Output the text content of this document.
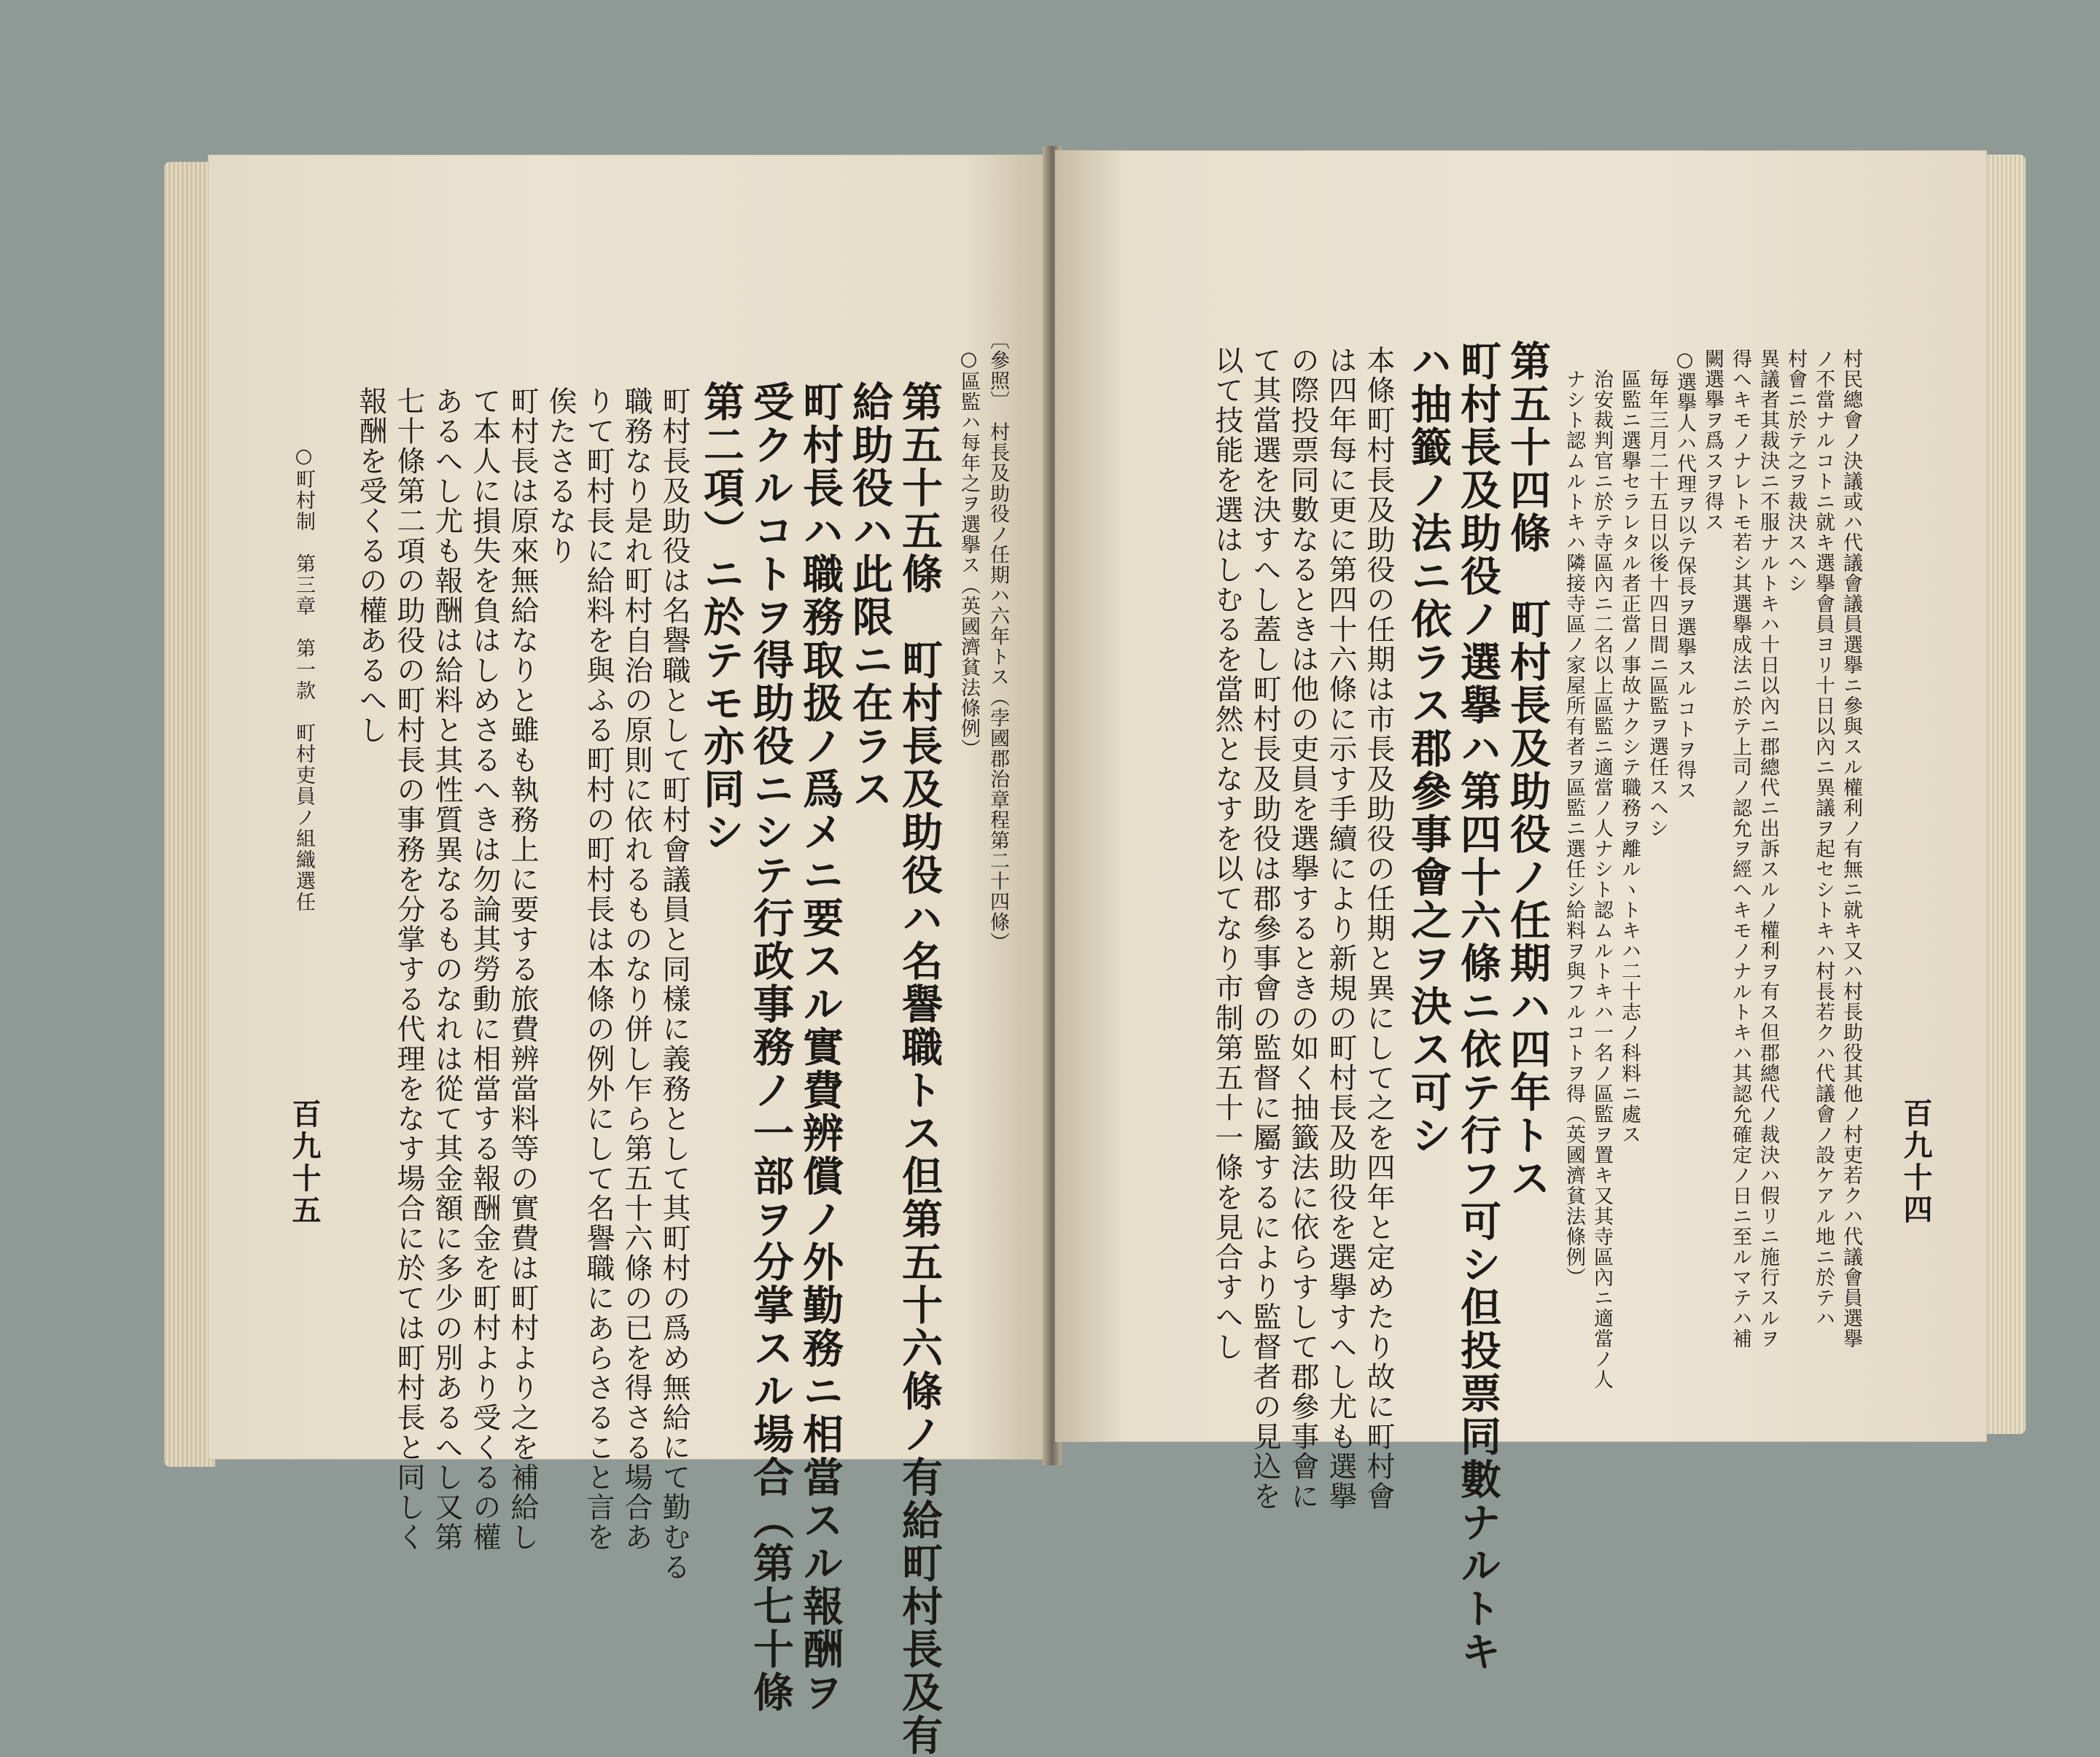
〔參照〕　村長及助役ノ任期ハ六年トス（孛國郡治章程第二十四條）
○區監ハ每年之ヲ選擧ス（英國濟貧法條例）
第五十五條　町村長及助役ハ名譽職トス但第五十六條ノ有給町村長及有
給助役ハ此限ニ在ラス
町村長ハ職務取扱ノ爲メニ要スル實費辨償ノ外勤務ニ相當スル報酬ヲ
受クルコトヲ得助役ニシテ行政事務ノ一部ヲ分掌スル場合（第七十條
第二項）ニ於テモ亦同シ
町村長及助役は名譽職として町村會議員と同樣に義務として其町村の爲め無給にて勤むる
職務なり是れ町村自治の原則に依れるものなり併し乍ら第五十六條の已を得さる場合あ
りて町村長に給料を與ふる町村の町村長は本條の例外にして名譽職にあらさること言を
俟たさるなり
町村長は原來無給なりと雖も執務上に要する旅費辨當料等の實費は町村より之を補給し
て本人に損失を負はしめさるへきは勿論其勞動に相當する報酬金を町村より受くるの權
あるへし尤も報酬は給料と其性質異なるものなれは從て其金額に多少の別あるへし又第
七十條第二項の助役の町村長の事務を分掌する代理をなす場合に於ては町村長と同しく
報酬を受くるの權あるへし
○町村制　第三章　第一款　町村吏員ノ組織選任
百九十五	百九十四
村民總會ノ決議或ハ代議會議員選擧ニ參與スル權利ノ有無ニ就キ又ハ村長助役其他ノ村吏若クハ代議會員選擧
ノ不當ナルコトニ就キ選擧會員ヨリ十日以內ニ異議ヲ起セシトキハ村長若クハ代議會ノ設ケアル地ニ於テハ
村會ニ於テ之ヲ裁決スヘシ
異議者其裁決ニ不服ナルトキハ十日以內ニ郡總代ニ出訴スルノ權利ヲ有ス但郡總代ノ裁決ハ假リニ施行スルヲ
得ヘキモノナレトモ若シ其選擧成法ニ於テ上司ノ認允ヲ經ヘキモノナルトキハ其認允確定ノ日ニ至ルマテハ補
闕選擧ヲ爲スヲ得ス
○選擧人ハ代理ヲ以テ保長ヲ選擧スルコトヲ得ス
毎年三月二十五日以後十四日間ニ區監ヲ選任スヘシ
區監ニ選擧セラレタル者正當ノ事故ナクシテ職務ヲ離ルヽトキハ二十志ノ科料ニ處ス
治安裁判官ニ於テ寺區內ニ二名以上區監ニ適當ノ人ナシト認ムルトキハ一名ノ區監ヲ置キ又其寺區內ニ適當ノ人
ナシト認ムルトキハ隣接寺區ノ家屋所有者ヲ區監ニ選任シ給料ヲ與フルコトヲ得（英國濟貧法條例）
第五十四條　町村長及助役ノ任期ハ四年トス
町村長及助役ノ選擧ハ第四十六條ニ依テ行フ可シ但投票同數ナルトキ
ハ抽籤ノ法ニ依ラス郡參事會之ヲ決ス可シ
本條町村長及助役の任期は市長及助役の任期と異にして之を四年と定めたり故に町村會
は四年每に更に第四十六條に示す手續により新規の町村長及助役を選擧すへし尤も選擧
の際投票同數なるときは他の吏員を選擧するときの如く抽籤法に依らすして郡參事會に
て其當選を決すへし蓋し町村長及助役は郡參事會の監督に屬するにより監督者の見込を
以て技能を選はしむるを當然となすを以てなり市制第五十一條を見合すへし
